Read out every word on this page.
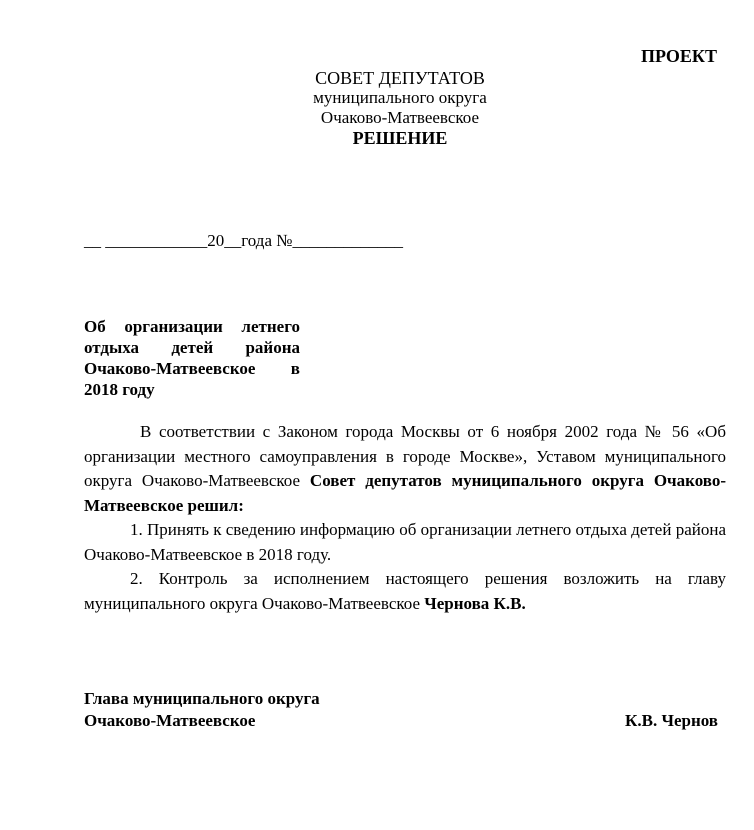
ПРОЕКТ
СОВЕТ ДЕПУТАТОВ
муниципального округа
Очаково-Матвеевское
РЕШЕНИЕ
__ ____________20__года №_____________
Об организации летнего
отдыха детей района
Очаково-Матвеевское в
2018 году

В соответствии с Законом города Москвы от 6 ноября 2002 года № 56 «Об организации местного самоуправления в городе Москве», Уставом муниципального округа Очаково-Матвеевское Совет депутатов муниципального округа Очаково-Матвеевское решил:

1. Принять к сведению информацию об организации летнего отдыха детей района Очаково-Матвеевское в 2018 году.

2. Контроль за исполнением настоящего решения возложить на главу муниципального округа Очаково-Матвеевское Чернова К.В.

Глава муниципального округа
Очаково-Матвеевское	К.В. Чернов
